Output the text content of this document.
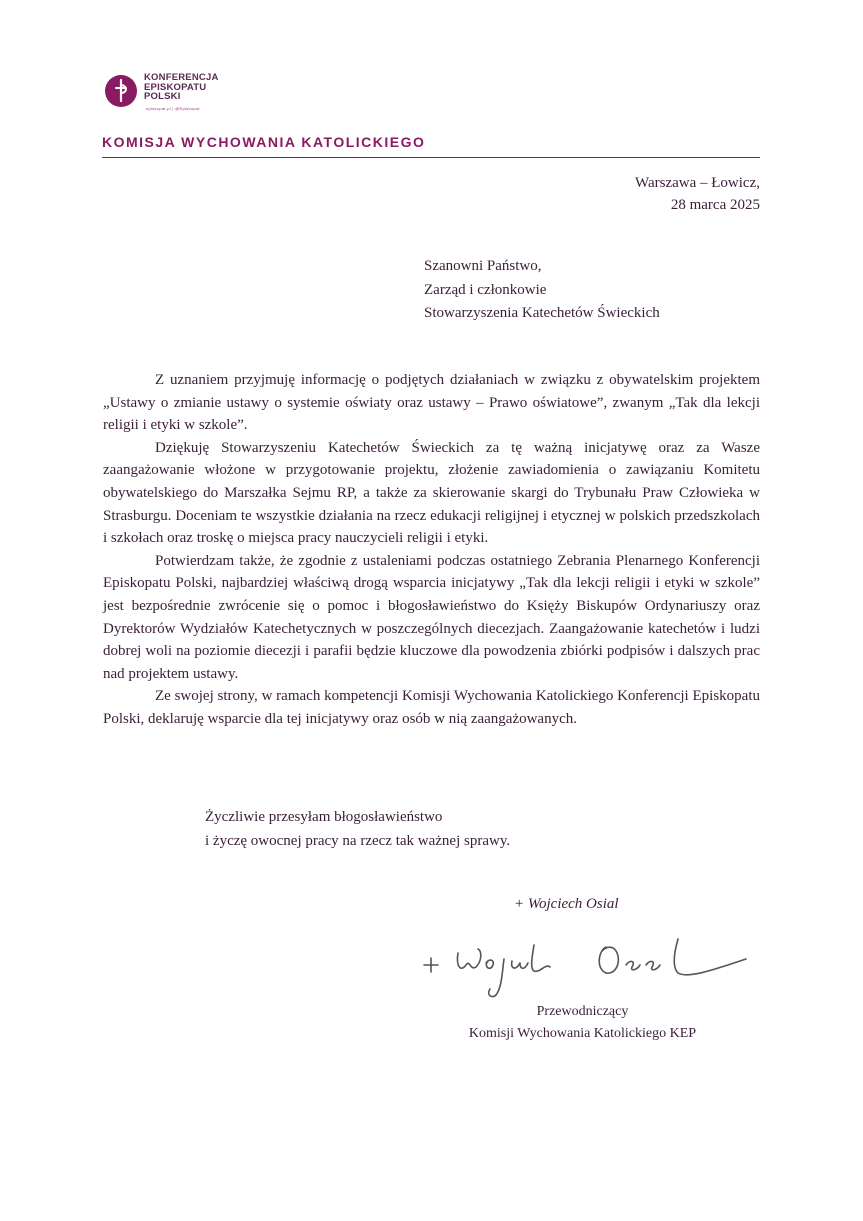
KONFERENCJA
EPISKOPATU
POLSKI
episkopat.pl | @Episkopat
KOMISJA WYCHOWANIA KATOLICKIEGO
Warszawa – Łowicz,
28 marca 2025
Szanowni Państwo,
Zarząd i członkowie
Stowarzyszenia Katechetów Świeckich

Z uznaniem przyjmuję informację o podjętych działaniach w związku z obywatelskim projektem „Ustawy o zmianie ustawy o systemie oświaty oraz ustawy – Prawo oświatowe”, zwanym „Tak dla lekcji religii i etyki w szkole”.

Dziękuję Stowarzyszeniu Katechetów Świeckich za tę ważną inicjatywę oraz za Wasze zaangażowanie włożone w przygotowanie projektu, złożenie zawiadomienia o zawiązaniu Komitetu obywatelskiego do Marszałka Sejmu RP, a także za skierowanie skargi do Trybunału Praw Człowieka w Strasburgu. Doceniam te wszystkie działania na rzecz edukacji religijnej i etycznej w polskich przedszkolach i szkołach oraz troskę o miejsca pracy nauczycieli religii i etyki.

Potwierdzam także, że zgodnie z ustaleniami podczas ostatniego Zebrania Plenarnego Konferencji Episkopatu Polski, najbardziej właściwą drogą wsparcia inicjatywy „Tak dla lekcji religii i etyki w szkole” jest bezpośrednie zwrócenie się o pomoc i błogosławieństwo do Księży Biskupów Ordynariuszy oraz Dyrektorów Wydziałów Katechetycznych w poszczególnych diecezjach. Zaangażowanie katechetów i ludzi dobrej woli na poziomie diecezji i parafii będzie kluczowe dla powodzenia zbiórki podpisów i dalszych prac nad projektem ustawy.

Ze swojej strony, w ramach kompetencji Komisji Wychowania Katolickiego Konferencji Episkopatu Polski, deklaruję wsparcie dla tej inicjatywy oraz osób w nią zaangażowanych.

Życzliwie przesyłam błogosławieństwo
i życzę owocnej pracy na rzecz tak ważnej sprawy.
+ Wojciech Osial
Przewodniczący
Komisji Wychowania Katolickiego KEP
